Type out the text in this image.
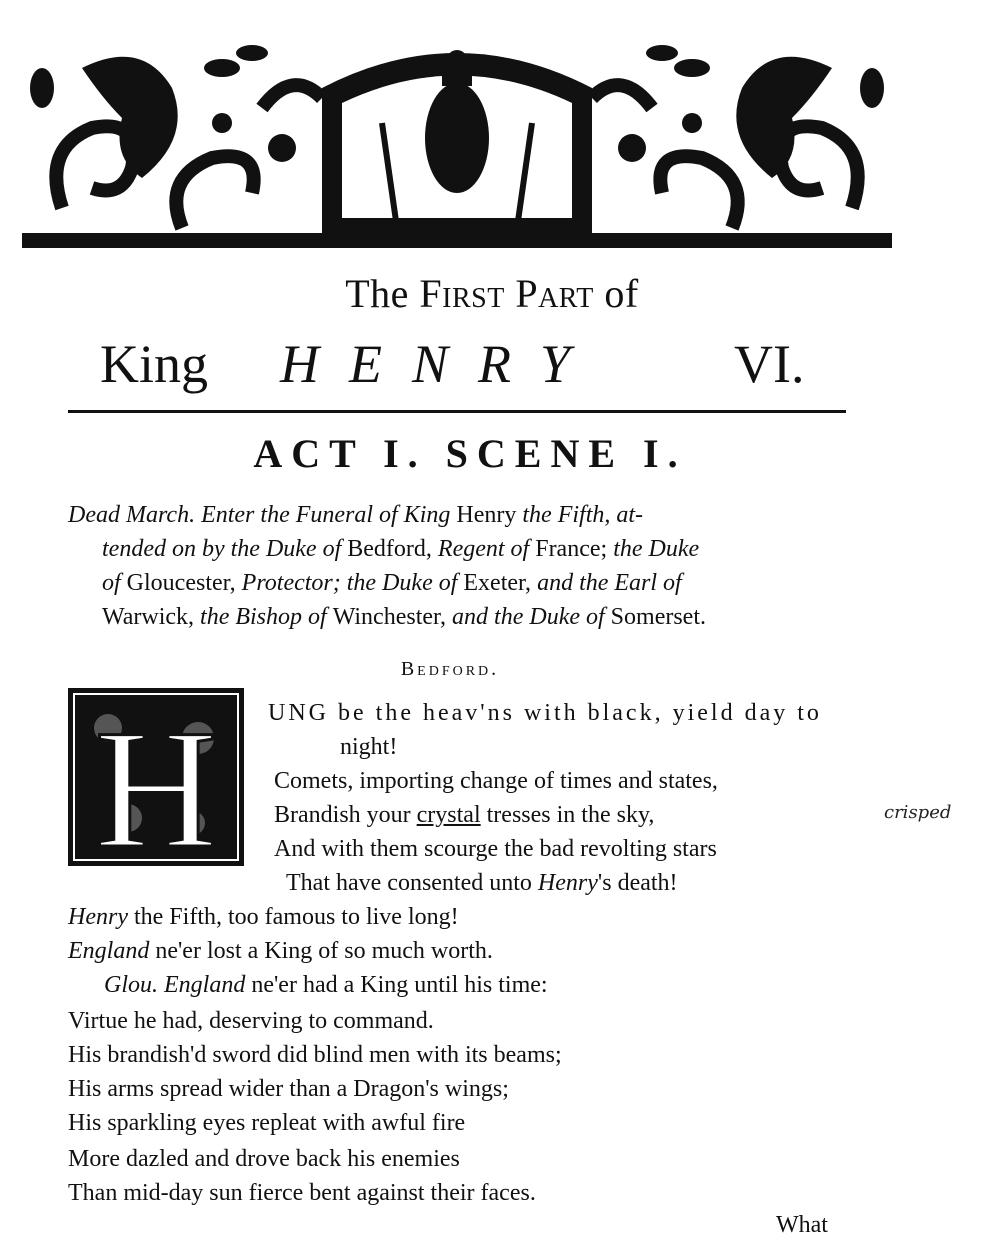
The First Part of
King HENRY VI.
ACT I. SCENE I.
Dead March. Enter the Funeral of King Henry the Fifth, at-
tended on by the Duke of Bedford, Regent of France; the Duke
of Gloucester, Protector; the Duke of Exeter, and the Earl of
Warwick, the Bishop of Winchester, and the Duke of Somerset.
Bedford.
H UNG be the heav'ns with black, yield day to
night!
Comets, importing change of times and states,
Brandish your crystal tresses in the sky,
And with them scourge the bad revolting stars
That have consented unto Henry's death!
Henry the Fifth, too famous to live long!
England ne'er lost a King of so much worth.
Glou. England ne'er had a King until his time:
Virtue he had, deserving to command.
His brandish'd sword did blind men with its beams;
His arms spread wider than a Dragon's wings;
His sparkling eyes repleat with awful fire
More dazled and drove back his enemies
Than mid-day sun fierce bent against their faces.
crisped
What
